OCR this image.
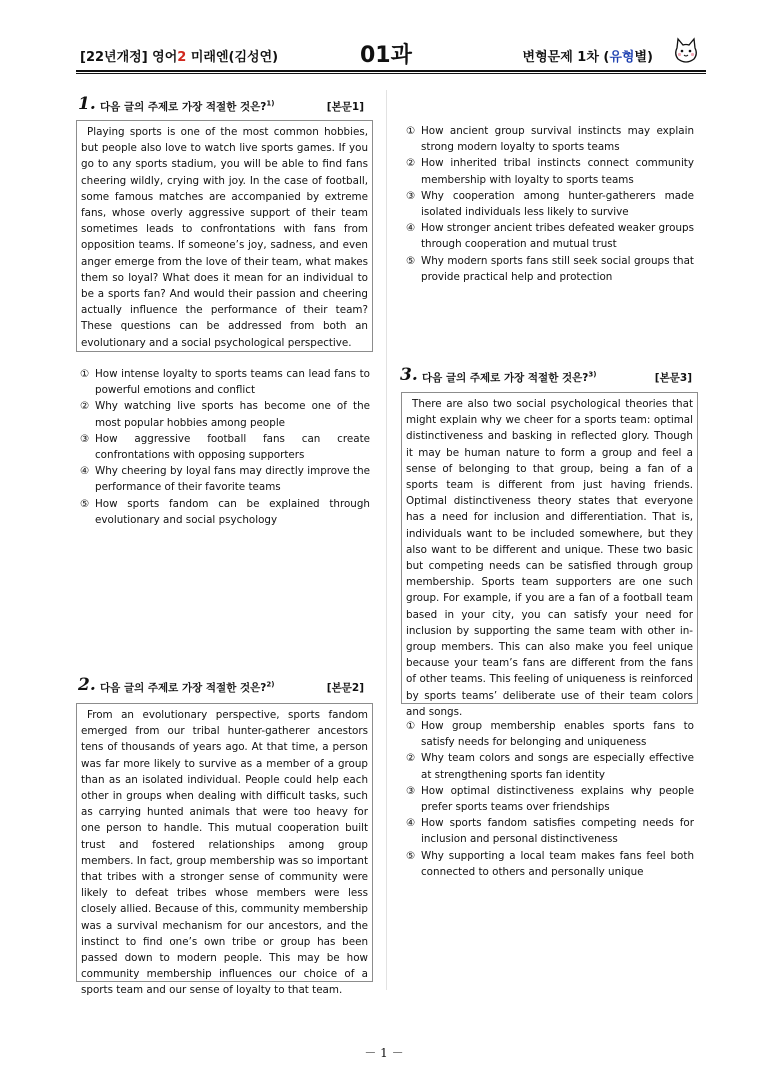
[22년개정] 영어2 미래엔(김성연)	01과	변형문제 1차 (유형별)
1. 다음 글의 주제로 가장 적절한 것은?$^{1)}$	[본문1]
Playing sports is one of the most common hobbies, but people also love to watch live sports games. If you go to any sports stadium, you will be able to find fans cheering wildly, crying with joy. In the case of football, some famous matches are accompanied by extreme fans, whose overly aggressive support of their team sometimes leads to confrontations with fans from opposition teams. If someone’s joy, sadness, and even anger emerge from the love of their team, what makes them so loyal? What does it mean for an individual to be a sports fan? And would their passion and cheering actually influence the performance of their team? These questions can be addressed from both an evolutionary and a social psychological perspective.
① How intense loyalty to sports teams can lead fans to powerful emotions and conflict
② Why watching live sports has become one of the most popular hobbies among people
③ How aggressive football fans can create confrontations with opposing supporters
④ Why cheering by loyal fans may directly improve the performance of their favorite teams
⑤ How sports fandom can be explained through evolutionary and social psychology
2. 다음 글의 주제로 가장 적절한 것은?$^{2)}$	[본문2]
From an evolutionary perspective, sports fandom emerged from our tribal hunter-gatherer ancestors tens of thousands of years ago. At that time, a person was far more likely to survive as a member of a group than as an isolated individual. People could help each other in groups when dealing with difficult tasks, such as carrying hunted animals that were too heavy for one person to handle. This mutual cooperation built trust and fostered relationships among group members. In fact, group membership was so important that tribes with a stronger sense of community were likely to defeat tribes whose members were less closely allied. Because of this, community membership was a survival mechanism for our ancestors, and the instinct to find one’s own tribe or group has been passed down to modern people. This may be how community membership influences our choice of a sports team and our sense of loyalty to that team.
① How ancient group survival instincts may explain strong modern loyalty to sports teams
② How inherited tribal instincts connect community membership with loyalty to sports teams
③ Why cooperation among hunter-gatherers made isolated individuals less likely to survive
④ How stronger ancient tribes defeated weaker groups through cooperation and mutual trust
⑤ Why modern sports fans still seek social groups that provide practical help and protection
3. 다음 글의 주제로 가장 적절한 것은?$^{3)}$	[본문3]
There are also two social psychological theories that might explain why we cheer for a sports team: optimal distinctiveness and basking in reflected glory. Though it may be human nature to form a group and feel a sense of belonging to that group, being a fan of a sports team is different from just having friends. Optimal distinctiveness theory states that everyone has a need for inclusion and differentiation. That is, individuals want to be included somewhere, but they also want to be different and unique. These two basic but competing needs can be satisfied through group membership. Sports team supporters are one such group. For example, if you are a fan of a football team based in your city, you can satisfy your need for inclusion by supporting the same team with other in-group members. This can also make you feel unique because your team’s fans are different from the fans of other teams. This feeling of uniqueness is reinforced by sports teams’ deliberate use of their team colors and songs.
① How group membership enables sports fans to satisfy needs for belonging and uniqueness
② Why team colors and songs are especially effective at strengthening sports fan identity
③ How optimal distinctiveness explains why people prefer sports teams over friendships
④ How sports fandom satisfies competing needs for inclusion and personal distinctiveness
⑤ Why supporting a local team makes fans feel both connected to others and personally unique
－ 1 －
